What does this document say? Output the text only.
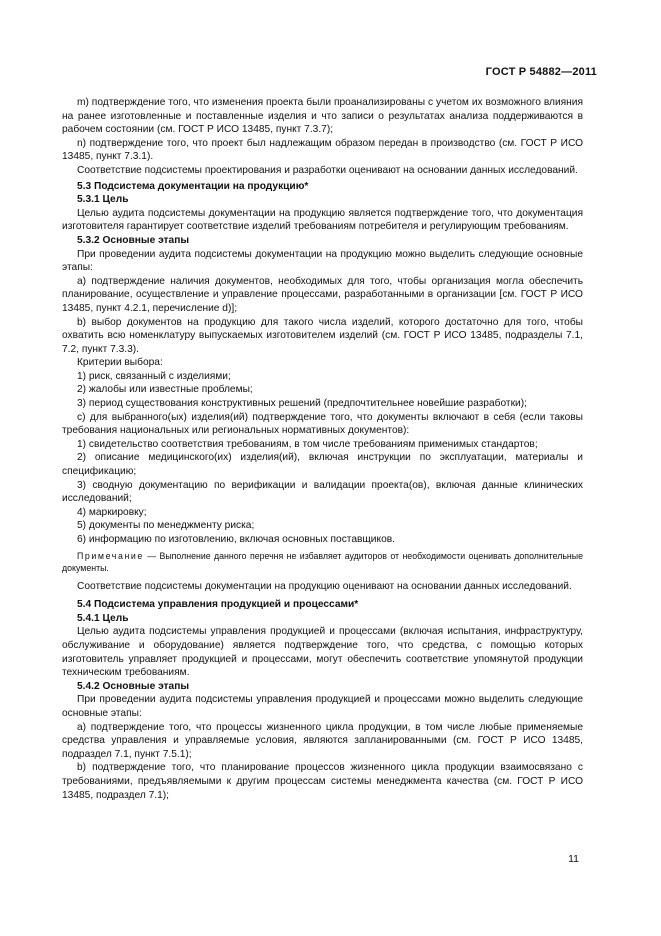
ГОСТ Р 54882—2011

m) подтверждение того, что изменения проекта были проанализированы с учетом их возможного влияния на ранее изготовленные и поставленные изделия и что записи о результатах анализа поддерживаются в рабочем состоянии (см. ГОСТ Р ИСО 13485, пункт 7.3.7);

n) подтверждение того, что проект был надлежащим образом передан в производство (см. ГОСТ Р ИСО 13485, пункт 7.3.1).

Соответствие подсистемы проектирования и разработки оценивают на основании данных исследований.

5.3 Подсистема документации на продукцию*

5.3.1 Цель

Целью аудита подсистемы документации на продукцию является подтверждение того, что документация изготовителя гарантирует соответствие изделий требованиям потребителя и регулирующим требованиям.

5.3.2 Основные этапы

При проведении аудита подсистемы документации на продукцию можно выделить следующие основные этапы:

а) подтверждение наличия документов, необходимых для того, чтобы организация могла обеспечить планирование, осуществление и управление процессами, разработанными в организации [см. ГОСТ Р ИСО 13485, пункт 4.2.1, перечисление d)];

b) выбор документов на продукцию для такого числа изделий, которого достаточно для того, чтобы охватить всю номенклатуру выпускаемых изготовителем изделий (см. ГОСТ Р ИСО 13485, подразделы 7.1, 7.2, пункт 7.3.3).

Критерии выбора:

1) риск, связанный с изделиями;

2) жалобы или известные проблемы;

3) период существования конструктивных решений (предпочтительнее новейшие разработки);

с) для выбранного(ых) изделия(ий) подтверждение того, что документы включают в себя (если таковы требования национальных или региональных нормативных документов):

1) свидетельство соответствия требованиям, в том числе требованиям применимых стандартов;

2) описание медицинского(их) изделия(ий), включая инструкции по эксплуатации, материалы и спецификацию;

3) сводную документацию по верификации и валидации проекта(ов), включая данные клинических исследований;

4) маркировку;

5) документы по менеджменту риска;

6) информацию по изготовлению, включая основных поставщиков.

Примечание — Выполнение данного перечня не избавляет аудиторов от необходимости оценивать дополнительные документы.

Соответствие подсистемы документации на продукцию оценивают на основании данных исследований.

5.4 Подсистема управления продукцией и процессами*

5.4.1 Цель

Целью аудита подсистемы управления продукцией и процессами (включая испытания, инфраструктуру, обслуживание и оборудование) является подтверждение того, что средства, с помощью которых изготовитель управляет продукцией и процессами, могут обеспечить соответствие упомянутой продукции техническим требованиям.

5.4.2 Основные этапы

При проведении аудита подсистемы управления продукцией и процессами можно выделить следующие основные этапы:

а) подтверждение того, что процессы жизненного цикла продукции, в том числе любые применяемые средства управления и управляемые условия, являются запланированными (см. ГОСТ Р ИСО 13485, подраздел 7.1, пункт 7.5.1);

b) подтверждение того, что планирование процессов жизненного цикла продукции взаимосвязано с требованиями, предъявляемыми к другим процессам системы менеджмента качества (см. ГОСТ Р ИСО 13485, подраздел 7.1);

11
